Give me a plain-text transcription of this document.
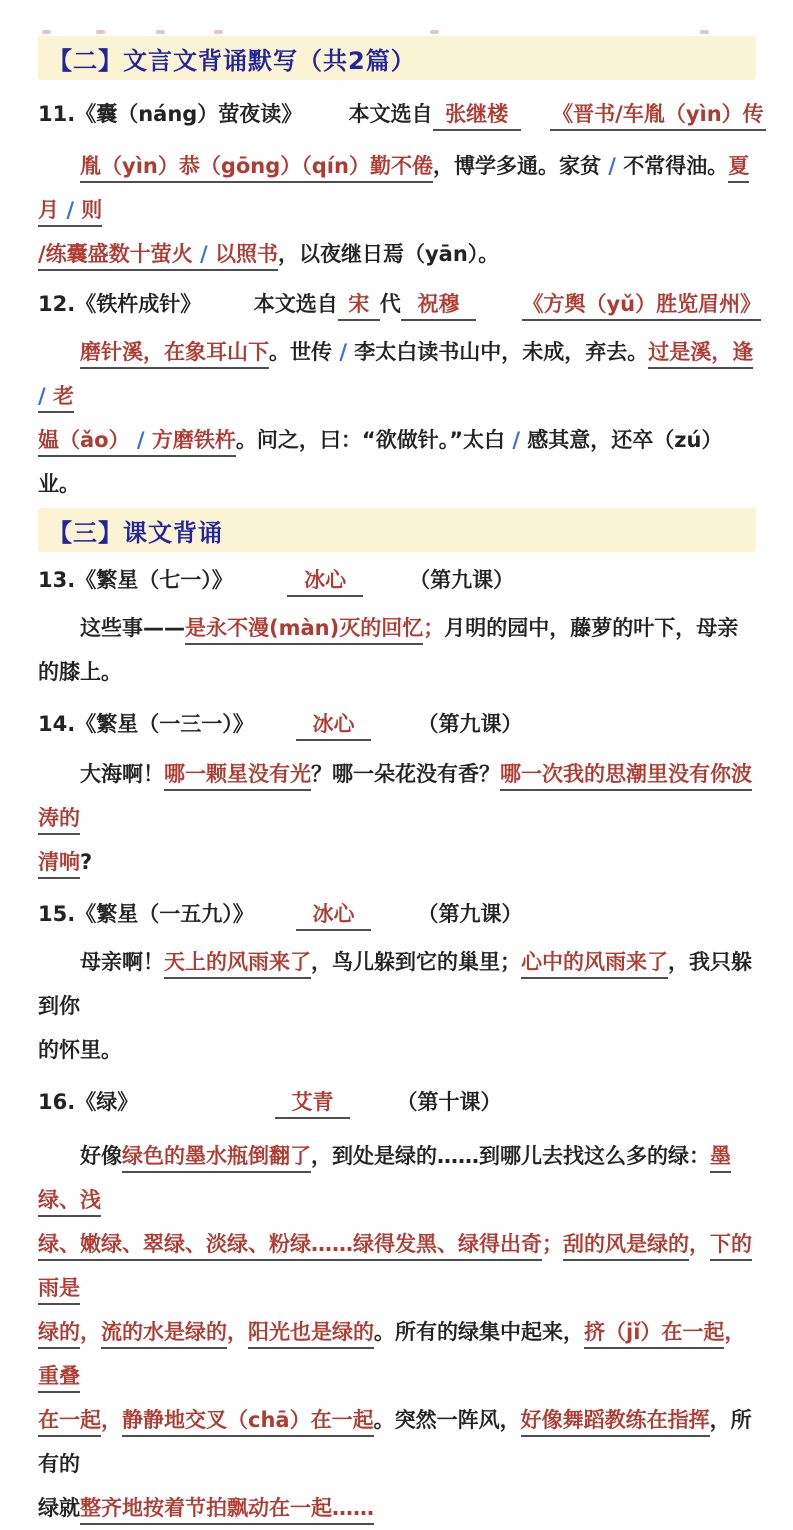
【二】文言文背诵默写（共2篇）

11.《囊（náng）萤夜读》 本文选自 张继楼 《晋书/车胤（yìn）传

胤（yìn）恭（gōng）（qín）勤不倦，博学多通。家贫 / 不常得油。夏月 / 则
/练囊盛数十萤火 / 以照书，以夜继日焉（yān）。

12.《铁杵成针》	本文选自 宋 代 祝穆	《方舆（yǔ）胜览眉州》

磨针溪，在象耳山下。世传 / 李太白读书山中，未成，弃去。过是溪，逢 / 老
媪（ǎo） / 方磨铁杵。问之，曰：“欲做针。”太白 / 感其意，还卒（zú）业。

【三】课文背诵

13.《繁星（七一）》	冰心	（第九课）

这些事——是永不漫(màn)灭的回忆；月明的园中，藤萝的叶下，母亲的膝上。

14.《繁星（一三一）》	冰心	（第九课）

大海啊！哪一颗星没有光？哪一朵花没有香？哪一次我的思潮里没有你波涛的
清响?

15.《繁星（一五九）》	冰心	（第九课）

母亲啊！天上的风雨来了，鸟儿躲到它的巢里；心中的风雨来了，我只躲到你
的怀里。

16.《绿》	艾青	（第十课）

好像绿色的墨水瓶倒翻了，到处是绿的……到哪儿去找这么多的绿：墨绿、浅
绿、嫩绿、翠绿、淡绿、粉绿……绿得发黑、绿得出奇；刮的风是绿的，下的雨是
绿的，流的水是绿的，阳光也是绿的。所有的绿集中起来，挤（jǐ）在一起，重叠
在一起，静静地交叉（chā）在一起。突然一阵风，好像舞蹈教练在指挥，所有的
绿就整齐地按着节拍飘动在一起……
